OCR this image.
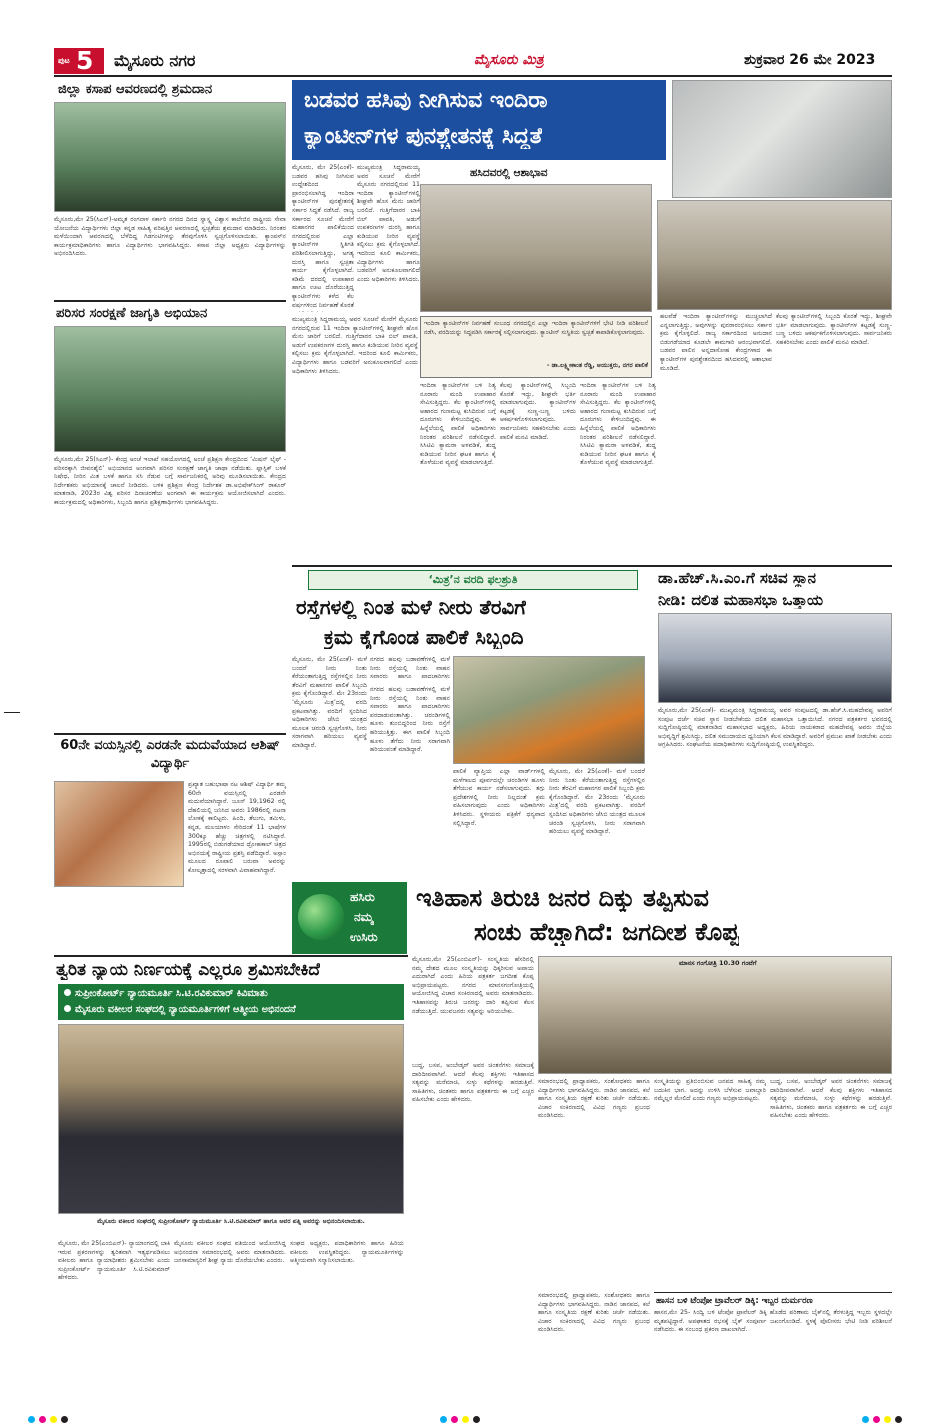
ಪುಟ 5 ಮೈಸೂರು ನಗರ	ಮೈಸೂರು ಮಿತ್ರ	ಶುಕ್ರವಾರ 26 ಮೇ 2023
ಜಿಲ್ಲಾ ಕಸಾಪ ಆವರಣದಲ್ಲಿ ಶ್ರಮದಾನ
ಮೈಸೂರು,ಮೇ 25(ಸಿಎನ್)-ಅಮೃತ ರಂಗನಾಳ ಸರ್ಕಾರಿ ನಗರದ ದಿನದ ಸ್ವಾಸ್ಥ್ಯ ವಿಶ್ವಾಸ ಕಾಲೇಜಿನ ರಾಷ್ಟ್ರೀಯ ಸೇವಾ ಯೋಜನೆಯ ವಿದ್ಯಾರ್ಥಿಗಳು ಜಿಲ್ಲಾ ಕನ್ನಡ ಸಾಹಿತ್ಯ ಪರಿಷತ್ತಿನ ಆವರಣದಲ್ಲಿ ಸ್ವಚ್ಛತೆಯ ಶ್ರಮದಾನ ಮಾಡಿದರು. ನಿರಂತರ ಮಳೆಯಿಂದಾಗಿ ಆವರಣದಲ್ಲಿ ಬೆಳೆದಿದ್ದ ಗಿಡಗಂಟಿಗಳನ್ನು ತೆರವುಗೊಳಿಸಿ ಸ್ವಚ್ಛಗೊಳಿಸಲಾಯಿತು. ಕ್ಯಾಂಪಸ್‌ನ ಕಾರ್ಯಕ್ರಮಾಧಿಕಾರಿಗಳು ಹಾಗೂ ವಿದ್ಯಾರ್ಥಿಗಳು ಭಾಗವಹಿಸಿದ್ದರು. ಕಸಾಪ ಜಿಲ್ಲಾ ಅಧ್ಯಕ್ಷರು ವಿದ್ಯಾರ್ಥಿಗಳನ್ನು ಅಭಿನಂದಿಸಿದರು.
ಪರಿಸರ ಸಂರಕ್ಷಣೆ ಜಾಗೃತಿ ಅಭಿಯಾನ
ಮೈಸೂರು,ಮೇ 25(ಸಿಎನ್)- ಕೇಂದ್ರ ಅಂಚೆ ಇಲಾಖೆ ಸಹಯೋಗದಲ್ಲಿ ಅಂಚೆ ಪ್ರಶಿಕ್ಷಣ ಕೇಂದ್ರದಿಂದ ‘ಮಿಷನ್ ಲೈಫ್ - ಪರಿಸರಕ್ಕಾಗಿ ಜೀವನಶೈಲಿ’ ಅಭಿಯಾನದ ಅಂಗವಾಗಿ ಪರಿಸರ ಸಂರಕ್ಷಣೆ ಜಾಗೃತಿ ಜಾಥಾ ನಡೆಯಿತು. ಪ್ಲಾಸ್ಟಿಕ್ ಬಳಕೆ ನಿಷೇಧ, ನೀರಿನ ಮಿತ ಬಳಕೆ ಹಾಗೂ ಸಸಿ ನೆಡುವ ಬಗ್ಗೆ ಸಾರ್ವಜನಿಕರಲ್ಲಿ ಅರಿವು ಮೂಡಿಸಲಾಯಿತು. ಕೇಂದ್ರದ ನಿರ್ದೇಶಕರು ಅಭಿಯಾನಕ್ಕೆ ಚಾಲನೆ ನೀಡಿದರು. ಬಳಿಕ ಪ್ರಶಿಕ್ಷಣ ಕೇಂದ್ರ ನಿರ್ದೇಶಕ ಡಾ.ಅಭಿಷೇಕ್‌ಸಿಂಗ್ ಠಾಕೂರ್ ಮಾತನಾಡಿ, 2023ರ ವಿಶ್ವ ಪರಿಸರ ದಿನಾಚರಣೆಯ ಅಂಗವಾಗಿ ಈ ಕಾರ್ಯಕ್ರಮ ಆಯೋಜಿಸಲಾಗಿದೆ ಎಂದರು. ಕಾರ್ಯಕ್ರಮದಲ್ಲಿ ಅಧಿಕಾರಿಗಳು, ಸಿಬ್ಬಂದಿ ಹಾಗೂ ಪ್ರಶಿಕ್ಷಣಾರ್ಥಿಗಳು ಭಾಗವಹಿಸಿದ್ದರು.
60ನೇ ವಯಸ್ಸಿನಲ್ಲಿ ಎರಡನೇ ಮದುವೆಯಾದ ಆಶಿಷ್ ವಿದ್ಯಾರ್ಥಿ
ಪ್ರಖ್ಯಾತ ಬಹುಭಾಷಾ ನಟ ಆಶಿಷ್ ವಿದ್ಯಾರ್ಥಿ ತಮ್ಮ 60ನೇ ವಯಸ್ಸಿನಲ್ಲಿ ಎರಡನೇ ಮದುವೆಯಾಗಿದ್ದಾರೆ. ಜೂನ್ 19,1962 ರಲ್ಲಿ ದೆಹಲಿಯಲ್ಲಿ ಜನಿಸಿದ ಅವರು 1986ರಲ್ಲಿ ನಟನಾ ಲೋಕಕ್ಕೆ ಕಾಲಿಟ್ಟರು. ಹಿಂದಿ, ತೆಲುಗು, ತಮಿಳು, ಕನ್ನಡ, ಮಲಯಾಳಂ ಸೇರಿದಂತೆ 11 ಭಾಷೆಗಳ 300ಕ್ಕೂ ಹೆಚ್ಚು ಚಿತ್ರಗಳಲ್ಲಿ ನಟಿಸಿದ್ದಾರೆ. 1995ರಲ್ಲಿ ಬಿಡುಗಡೆಯಾದ ದ್ರೋಹಕಾಲ್ ಚಿತ್ರದ ಅಭಿನಯಕ್ಕೆ ರಾಷ್ಟ್ರೀಯ ಪ್ರಶಸ್ತಿ ಪಡೆದಿದ್ದಾರೆ. ಅಸ್ಸಾಂ ಮೂಲದ ರೂಪಾಲಿ ಬರುವಾ ಅವರನ್ನು ಕೋಲ್ಕತ್ತಾದಲ್ಲಿ ಸರಳವಾಗಿ ವಿವಾಹವಾಗಿದ್ದಾರೆ.
ಬಡವರ ಹಸಿವು ನೀಗಿಸುವ ಇಂದಿರಾ
ಕ್ಯಾಂಟೀನ್‌ಗಳ ಪುನಶ್ಚೇತನಕ್ಕೆ ಸಿದ್ಧತೆ
ಮೈಸೂರು, ಮೇ 25(ಎಂಕೆ)- ಬಡವರ ಹಸಿವು ನೀಗಿಸುವ ಉದ್ದೇಶದಿಂದ ಪ್ರಾರಂಭಿಸಲಾಗಿದ್ದ ಇಂದಿರಾ ಕ್ಯಾಂಟೀನ್‌ಗಳ ಪುನಶ್ಚೇತನಕ್ಕೆ ಸರ್ಕಾರ ಸಿದ್ಧತೆ ನಡೆಸಿದೆ. ರಾಜ್ಯ ಸರ್ಕಾರದ ಸೂಚನೆ ಮೇರೆಗೆ ಮಹಾನಗರ ಪಾಲಿಕೆಯಿಂದ ನಗರದಲ್ಲಿರುವ ಎಲ್ಲಾ ಕ್ಯಾಂಟೀನ್‌ಗಳ ಸ್ಥಿತಿಗತಿ ಪರಿಶೀಲಿಸಲಾಗುತ್ತಿದ್ದು, ಅಗತ್ಯ ದುರಸ್ತಿ ಹಾಗೂ ಸ್ವಚ್ಛತಾ ಕಾರ್ಯ ಕೈಗೊಳ್ಳಲಾಗಿದೆ. ಕಡಿಮೆ ದರದಲ್ಲಿ ಉಪಾಹಾರ ಹಾಗೂ ಊಟ ದೊರೆಯುತ್ತಿದ್ದ ಕ್ಯಾಂಟೀನ್‌ಗಳು ಕಳೆದ ಕೆಲ ವರ್ಷಗಳಿಂದ ನಿರ್ವಹಣೆ ಕೊರತೆ
ಮುಖ್ಯಮಂತ್ರಿ ಸಿದ್ದರಾಮಯ್ಯ ಅವರ ಸೂಚನೆ ಮೇರೆಗೆ ಮೈಸೂರು ನಗರದಲ್ಲಿರುವ 11 ಇಂದಿರಾ ಕ್ಯಾಂಟೀನ್‌ಗಳಲ್ಲಿ ಶೀಘ್ರವೇ ಹೊಸ ಮೆನು ಜಾರಿಗೆ ಬರಲಿದೆ. ಗುತ್ತಿಗೆದಾರರ ಬಾಕಿ ಬಿಲ್ ಪಾವತಿ, ಅಡುಗೆ ಉಪಕರಣಗಳ ದುರಸ್ತಿ ಹಾಗೂ ಕುಡಿಯುವ ನೀರಿನ ವ್ಯವಸ್ಥೆ ಕಲ್ಪಿಸಲು ಕ್ರಮ ಕೈಗೊಳ್ಳಲಾಗಿದೆ. ಇದರಿಂದ ಕೂಲಿ ಕಾರ್ಮಿಕರು, ವಿದ್ಯಾರ್ಥಿಗಳು ಹಾಗೂ ಬಡವರಿಗೆ ಅನುಕೂಲವಾಗಲಿದೆ ಎಂದು ಅಧಿಕಾರಿಗಳು ತಿಳಿಸಿದರು.
ಹಸಿದವರಲ್ಲಿ ಆಶಾಭಾವ
ಮುಖ್ಯಮಂತ್ರಿ ಸಿದ್ದರಾಮಯ್ಯ ಅವರ ಸೂಚನೆ ಮೇರೆಗೆ ಮೈಸೂರು ನಗರದಲ್ಲಿರುವ 11 ಇಂದಿರಾ ಕ್ಯಾಂಟೀನ್‌ಗಳಲ್ಲಿ ಶೀಘ್ರವೇ ಹೊಸ ಮೆನು ಜಾರಿಗೆ ಬರಲಿದೆ. ಗುತ್ತಿಗೆದಾರರ ಬಾಕಿ ಬಿಲ್ ಪಾವತಿ, ಅಡುಗೆ ಉಪಕರಣಗಳ ದುರಸ್ತಿ ಹಾಗೂ ಕುಡಿಯುವ ನೀರಿನ ವ್ಯವಸ್ಥೆ ಕಲ್ಪಿಸಲು ಕ್ರಮ ಕೈಗೊಳ್ಳಲಾಗಿದೆ. ಇದರಿಂದ ಕೂಲಿ ಕಾರ್ಮಿಕರು, ವಿದ್ಯಾರ್ಥಿಗಳು ಹಾಗೂ ಬಡವರಿಗೆ ಅನುಕೂಲವಾಗಲಿದೆ ಎಂದು ಅಧಿಕಾರಿಗಳು ತಿಳಿಸಿದರು.
ಇಂದಿರಾ ಕ್ಯಾಂಟೀನ್‌ಗಳ ನಿರ್ವಹಣೆ ಸಂಬಂಧ ನಗರದಲ್ಲಿನ ಎಲ್ಲಾ ಇಂದಿರಾ ಕ್ಯಾಂಟೀನ್‌ಗಳಿಗೆ ಭೇಟಿ ನೀಡಿ ಪರಿಶೀಲನೆ ನಡೆಸಿ, ವರದಿಯನ್ನು ಸಿದ್ಧಪಡಿಸಿ ಸರ್ಕಾರಕ್ಕೆ ಸಲ್ಲಿಸಲಾಗುವುದು. ಕ್ಯಾಂಟೀನ್ ಸುಸ್ಥಿತಿಯ ಸ್ವಚ್ಛತೆ ಕಾಪಾಡಿಕೊಳ್ಳಲಾಗುವುದು.
- ಡಾ.ಲಕ್ಷ್ಮೀಕಾಂತ ರೆಡ್ಡಿ, ಆಯುಕ್ತರು, ನಗರ ಪಾಲಿಕೆ
ಇಂದಿರಾ ಕ್ಯಾಂಟೀನ್‌ಗಳ ಬಳಿ ನಿತ್ಯ ನೂರಾರು ಮಂದಿ ಉಪಾಹಾರ ಸೇವಿಸುತ್ತಿದ್ದರು. ಕೆಲ ಕ್ಯಾಂಟೀನ್‌ಗಳಲ್ಲಿ ಆಹಾರದ ಗುಣಮಟ್ಟ ಕುಸಿದಿರುವ ಬಗ್ಗೆ ದೂರುಗಳು ಕೇಳಿಬಂದಿದ್ದವು. ಈ ಹಿನ್ನೆಲೆಯಲ್ಲಿ ಪಾಲಿಕೆ ಅಧಿಕಾರಿಗಳು ನಿರಂತರ ಪರಿಶೀಲನೆ ನಡೆಸಲಿದ್ದಾರೆ. ಸಿಸಿಟಿವಿ ಕ್ಯಾಮರಾ ಅಳವಡಿಕೆ, ಶುದ್ಧ ಕುಡಿಯುವ ನೀರಿನ ಘಟಕ ಹಾಗೂ ಕೈ ತೊಳೆಯುವ ವ್ಯವಸ್ಥೆ ಮಾಡಲಾಗುತ್ತಿದೆ.
ಕೆಲವು ಕ್ಯಾಂಟೀನ್‌ಗಳಲ್ಲಿ ಸಿಬ್ಬಂದಿ ಕೊರತೆ ಇದ್ದು, ಶೀಘ್ರವೇ ಭರ್ತಿ ಮಾಡಲಾಗುವುದು. ಕ್ಯಾಂಟೀನ್‌ಗಳ ಕಟ್ಟಡಕ್ಕೆ ಸುಣ್ಣ-ಬಣ್ಣ ಬಳಿದು ಆಕರ್ಷಕಗೊಳಿಸಲಾಗುವುದು. ಸಾರ್ವಜನಿಕರು ಸಹಕರಿಸಬೇಕು ಎಂದು ಪಾಲಿಕೆ ಮನವಿ ಮಾಡಿದೆ.
ಇಂದಿರಾ ಕ್ಯಾಂಟೀನ್‌ಗಳ ಬಳಿ ನಿತ್ಯ ನೂರಾರು ಮಂದಿ ಉಪಾಹಾರ ಸೇವಿಸುತ್ತಿದ್ದರು. ಕೆಲ ಕ್ಯಾಂಟೀನ್‌ಗಳಲ್ಲಿ ಆಹಾರದ ಗುಣಮಟ್ಟ ಕುಸಿದಿರುವ ಬಗ್ಗೆ ದೂರುಗಳು ಕೇಳಿಬಂದಿದ್ದವು. ಈ ಹಿನ್ನೆಲೆಯಲ್ಲಿ ಪಾಲಿಕೆ ಅಧಿಕಾರಿಗಳು ನಿರಂತರ ಪರಿಶೀಲನೆ ನಡೆಸಲಿದ್ದಾರೆ. ಸಿಸಿಟಿವಿ ಕ್ಯಾಮರಾ ಅಳವಡಿಕೆ, ಶುದ್ಧ ಕುಡಿಯುವ ನೀರಿನ ಘಟಕ ಹಾಗೂ ಕೈ ತೊಳೆಯುವ ವ್ಯವಸ್ಥೆ ಮಾಡಲಾಗುತ್ತಿದೆ.
ಹಲವೆಡೆ ಇಂದಿರಾ ಕ್ಯಾಂಟೀನ್‌ಗಳನ್ನು ಮುಚ್ಚಲಾಗಿದೆ ಎನ್ನಲಾಗುತ್ತಿದ್ದು, ಅವುಗಳನ್ನು ಪುನರಾರಂಭಿಸಲು ಸರ್ಕಾರ ಕ್ರಮ ಕೈಗೊಳ್ಳಲಿದೆ. ರಾಜ್ಯ ಸರ್ಕಾರದಿಂದ ಅನುದಾನ ಬಿಡುಗಡೆಯಾದ ಕೂಡಲೇ ಕಾಮಗಾರಿ ಆರಂಭವಾಗಲಿದೆ. ಬಡವರ ಪಾಲಿನ ಅನ್ನದಾಸೋಹ ಕೇಂದ್ರಗಳಾದ ಈ ಕ್ಯಾಂಟೀನ್‌ಗಳ ಪುನಶ್ಚೇತನದಿಂದ ಹಸಿದವರಲ್ಲಿ ಆಶಾಭಾವ ಮೂಡಿದೆ.
ಕೆಲವು ಕ್ಯಾಂಟೀನ್‌ಗಳಲ್ಲಿ ಸಿಬ್ಬಂದಿ ಕೊರತೆ ಇದ್ದು, ಶೀಘ್ರವೇ ಭರ್ತಿ ಮಾಡಲಾಗುವುದು. ಕ್ಯಾಂಟೀನ್‌ಗಳ ಕಟ್ಟಡಕ್ಕೆ ಸುಣ್ಣ-ಬಣ್ಣ ಬಳಿದು ಆಕರ್ಷಕಗೊಳಿಸಲಾಗುವುದು. ಸಾರ್ವಜನಿಕರು ಸಹಕರಿಸಬೇಕು ಎಂದು ಪಾಲಿಕೆ ಮನವಿ ಮಾಡಿದೆ.
‘ಮಿತ್ರ’ನ ವರದಿ ಫಲಶ್ರುತಿ
ರಸ್ತೆಗಳಲ್ಲಿ ನಿಂತ ಮಳೆ ನೀರು ತೆರವಿಗೆ
ಕ್ರಮ ಕೈಗೊಂಡ ಪಾಲಿಕೆ ಸಿಬ್ಬಂದಿ
ಮೈಸೂರು, ಮೇ 25(ಎಂಕೆ)- ಮಳೆ ಬಂದರೆ ನೀರು ನಿಂತು ಕೆರೆಯಂತಾಗುತ್ತಿದ್ದ ರಸ್ತೆಗಳಲ್ಲಿನ ನೀರು ತೆರವಿಗೆ ಮಹಾನಗರ ಪಾಲಿಕೆ ಸಿಬ್ಬಂದಿ ಕ್ರಮ ಕೈಗೊಂಡಿದ್ದಾರೆ. ಮೇ 23ರಂದು ‘ಮೈಸೂರು ಮಿತ್ರ’ದಲ್ಲಿ ವರದಿ ಪ್ರಕಟವಾಗಿತ್ತು. ವರದಿಗೆ ಸ್ಪಂದಿಸಿದ ಅಧಿಕಾರಿಗಳು ಜೆಸಿಬಿ ಯಂತ್ರದ ಮೂಲಕ ಚರಂಡಿ ಸ್ವಚ್ಛಗೊಳಿಸಿ, ನೀರು ಸರಾಗವಾಗಿ ಹರಿಯಲು ವ್ಯವಸ್ಥೆ ಮಾಡಿದ್ದಾರೆ.
ನಗರದ ಹಲವು ಬಡಾವಣೆಗಳಲ್ಲಿ ಮಳೆ ನೀರು ರಸ್ತೆಯಲ್ಲಿ ನಿಂತು ವಾಹನ ಸವಾರರು ಹಾಗೂ ಪಾದಚಾರಿಗಳು
ನಗರದ ಹಲವು ಬಡಾವಣೆಗಳಲ್ಲಿ ಮಳೆ ನೀರು ರಸ್ತೆಯಲ್ಲಿ ನಿಂತು ವಾಹನ ಸವಾರರು ಹಾಗೂ ಪಾದಚಾರಿಗಳು ಪರದಾಡುವಂತಾಗಿತ್ತು. ಚರಂಡಿಗಳಲ್ಲಿ ಹೂಳು ತುಂಬಿದ್ದರಿಂದ ನೀರು ರಸ್ತೆಗೆ ಹರಿಯುತ್ತಿತ್ತು. ಈಗ ಪಾಲಿಕೆ ಸಿಬ್ಬಂದಿ ಹೂಳು ತೆಗೆದು ನೀರು ಸರಾಗವಾಗಿ ಹರಿಯುವಂತೆ ಮಾಡಿದ್ದಾರೆ.
ಪಾಲಿಕೆ ವ್ಯಾಪ್ತಿಯ ಎಲ್ಲಾ ವಾರ್ಡ್‌ಗಳಲ್ಲಿ ಮಳೆಗಾಲದ ಪೂರ್ವದಲ್ಲೇ ಚರಂಡಿಗಳ ಹೂಳು ತೆಗೆಯುವ ಕಾರ್ಯ ನಡೆಸಲಾಗುವುದು. ತಗ್ಗು ಪ್ರದೇಶಗಳಲ್ಲಿ ನೀರು ನಿಲ್ಲದಂತೆ ಕ್ರಮ ವಹಿಸಲಾಗುವುದು ಎಂದು ಅಧಿಕಾರಿಗಳು ತಿಳಿಸಿದರು. ಸ್ಥಳೀಯರು ಪತ್ರಿಕೆಗೆ ಧನ್ಯವಾದ ಸಲ್ಲಿಸಿದ್ದಾರೆ.
ಮೈಸೂರು, ಮೇ 25(ಎಂಕೆ)- ಮಳೆ ಬಂದರೆ ನೀರು ನಿಂತು ಕೆರೆಯಂತಾಗುತ್ತಿದ್ದ ರಸ್ತೆಗಳಲ್ಲಿನ ನೀರು ತೆರವಿಗೆ ಮಹಾನಗರ ಪಾಲಿಕೆ ಸಿಬ್ಬಂದಿ ಕ್ರಮ ಕೈಗೊಂಡಿದ್ದಾರೆ. ಮೇ 23ರಂದು ‘ಮೈಸೂರು ಮಿತ್ರ’ದಲ್ಲಿ ವರದಿ ಪ್ರಕಟವಾಗಿತ್ತು. ವರದಿಗೆ ಸ್ಪಂದಿಸಿದ ಅಧಿಕಾರಿಗಳು ಜೆಸಿಬಿ ಯಂತ್ರದ ಮೂಲಕ ಚರಂಡಿ ಸ್ವಚ್ಛಗೊಳಿಸಿ, ನೀರು ಸರಾಗವಾಗಿ ಹರಿಯಲು ವ್ಯವಸ್ಥೆ ಮಾಡಿದ್ದಾರೆ.
ಡಾ.ಹೆಚ್.ಸಿ.ಎಂ.ಗೆ ಸಚಿವ ಸ್ಥಾನ
ನೀಡಿ: ದಲಿತ ಮಹಾಸಭಾ ಒತ್ತಾಯ
ಮೈಸೂರು,ಮೇ 25(ಎಂಕೆ)- ಮುಖ್ಯಮಂತ್ರಿ ಸಿದ್ದರಾಮಯ್ಯ ಅವರ ಸಂಪುಟದಲ್ಲಿ ಡಾ.ಹೆಚ್.ಸಿ.ಮಹದೇವಪ್ಪ ಅವರಿಗೆ ಸಂಪುಟ ದರ್ಜೆ ಸಚಿವ ಸ್ಥಾನ ನೀಡಬೇಕೆಂದು ದಲಿತ ಮಹಾಸಭಾ ಒತ್ತಾಯಿಸಿದೆ. ನಗರದ ಪತ್ರಕರ್ತರ ಭವನದಲ್ಲಿ ಸುದ್ದಿಗೋಷ್ಠಿಯಲ್ಲಿ ಮಾತನಾಡಿದ ಮಹಾಸಭಾದ ಅಧ್ಯಕ್ಷರು, ಹಿರಿಯ ನಾಯಕರಾದ ಮಹದೇವಪ್ಪ ಅವರು ಜಿಲ್ಲೆಯ ಅಭಿವೃದ್ಧಿಗೆ ಶ್ರಮಿಸಿದ್ದು, ದಲಿತ ಸಮುದಾಯದ ಧ್ವನಿಯಾಗಿ ಕೆಲಸ ಮಾಡಿದ್ದಾರೆ. ಅವರಿಗೆ ಪ್ರಮುಖ ಖಾತೆ ನೀಡಬೇಕು ಎಂದು ಆಗ್ರಹಿಸಿದರು. ಸಂಘಟನೆಯ ಪದಾಧಿಕಾರಿಗಳು ಸುದ್ದಿಗೋಷ್ಠಿಯಲ್ಲಿ ಉಪಸ್ಥಿತರಿದ್ದರು.
ಹಸಿರು
ನಮ್ಮ
ಉಸಿರು
ಇತಿಹಾಸ ತಿರುಚಿ ಜನರ ದಿಕ್ಕು ತಪ್ಪಿಸುವ
ಸಂಚು ಹೆಚ್ಚಾಗಿದೆ: ಜಗದೀಶ ಕೊಪ್ಪ
ಮೈಸೂರು,ಮೇ 25(ಎಂಬಿಎನ್)- ಸಂಸ್ಕೃತಿಯ ಹೆಸರಿನಲ್ಲಿ ನಮ್ಮ ದೇಶದ ಮೂಲ ಸಂಸ್ಕೃತಿಯನ್ನು ಧಿಕ್ಕರಿಸುವ ಅಪಾಯ ಎದುರಾಗಿದೆ ಎಂದು ಹಿರಿಯ ಪತ್ರಕರ್ತ ಜಗದೀಶ ಕೊಪ್ಪ ಅಭಿಪ್ರಾಯಪಟ್ಟರು. ನಗರದ ಮಾನಸಗಂಗೋತ್ರಿಯಲ್ಲಿ ಆಯೋಜಿಸಿದ್ದ ವಿಚಾರ ಸಂಕಿರಣದಲ್ಲಿ ಅವರು ಮಾತನಾಡಿದರು. ಇತಿಹಾಸವನ್ನು ತಿರುಚಿ ಜನರನ್ನು ದಾರಿ ತಪ್ಪಿಸುವ ಕೆಲಸ ನಡೆಯುತ್ತಿದೆ. ಯುವಜನರು ಸತ್ಯವನ್ನು ಅರಿಯಬೇಕು.
ಮಾನಸ ಗಂಗೋತ್ರಿ 10.30 ಗಂಟೆಗೆ
ಬುದ್ಧ, ಬಸವ, ಅಂಬೇಡ್ಕರ್ ಅವರ ಚಿಂತನೆಗಳು ಸಮಾಜಕ್ಕೆ ದಾರಿದೀಪವಾಗಿವೆ. ಆದರೆ ಕೆಲವು ಶಕ್ತಿಗಳು ಇತಿಹಾಸದ ಸತ್ಯವನ್ನು ಮರೆಮಾಚಿ, ಸುಳ್ಳು ಕಥೆಗಳನ್ನು ಹರಡುತ್ತಿವೆ. ಸಾಹಿತಿಗಳು, ಚಿಂತಕರು ಹಾಗೂ ಪತ್ರಕರ್ತರು ಈ ಬಗ್ಗೆ ಎಚ್ಚರ ವಹಿಸಬೇಕು ಎಂದು ಹೇಳಿದರು.
ಸಮಾರಂಭದಲ್ಲಿ ಪ್ರಾಧ್ಯಾಪಕರು, ಸಂಶೋಧಕರು ಹಾಗೂ ವಿದ್ಯಾರ್ಥಿಗಳು ಭಾಗವಹಿಸಿದ್ದರು. ನಾಡಿನ ಜಾನಪದ, ಕಲೆ ಹಾಗೂ ಸಂಸ್ಕೃತಿಯ ರಕ್ಷಣೆ ಕುರಿತು ಚರ್ಚೆ ನಡೆಯಿತು. ವಿಚಾರ ಸಂಕಿರಣದಲ್ಲಿ ವಿವಿಧ ಗಣ್ಯರು ಪ್ರಬಂಧ ಮಂಡಿಸಿದರು.
ಸಂಸ್ಕೃತಿಯನ್ನು ಪ್ರತಿಬಿಂಬಿಸುವ ಜನಪದ ಸಾಹಿತ್ಯ ನಮ್ಮ ಬದುಕಿನ ಭಾಗ. ಅದನ್ನು ಉಳಿಸಿ ಬೆಳೆಸುವ ಜವಾಬ್ದಾರಿ ನಮ್ಮೆಲ್ಲರ ಮೇಲಿದೆ ಎಂದು ಗಣ್ಯರು ಅಭಿಪ್ರಾಯಪಟ್ಟರು.
ಬುದ್ಧ, ಬಸವ, ಅಂಬೇಡ್ಕರ್ ಅವರ ಚಿಂತನೆಗಳು ಸಮಾಜಕ್ಕೆ ದಾರಿದೀಪವಾಗಿವೆ. ಆದರೆ ಕೆಲವು ಶಕ್ತಿಗಳು ಇತಿಹಾಸದ ಸತ್ಯವನ್ನು ಮರೆಮಾಚಿ, ಸುಳ್ಳು ಕಥೆಗಳನ್ನು ಹರಡುತ್ತಿವೆ. ಸಾಹಿತಿಗಳು, ಚಿಂತಕರು ಹಾಗೂ ಪತ್ರಕರ್ತರು ಈ ಬಗ್ಗೆ ಎಚ್ಚರ ವಹಿಸಬೇಕು ಎಂದು ಹೇಳಿದರು.
ಹಾಸನ ಬಳಿ ಟೆಂಪೋ ಟ್ರಾವೆಲರ್ ಡಿಕ್ಕಿ: ಇಬ್ಬರ ದುರ್ಮರಣ
ಹಾಸನ,ಮೇ 25- ಸಿಂದ್ವಿ ಬಳಿ ಟೆಂಪೋ ಟ್ರಾವೆಲರ್ ಡಿಕ್ಕಿ ಹೊಡೆದ ಪರಿಣಾಮ ಬೈಕ್‌ನಲ್ಲಿ ತೆರಳುತ್ತಿದ್ದ ಇಬ್ಬರು ಸ್ಥಳದಲ್ಲೇ ಮೃತಪಟ್ಟಿದ್ದಾರೆ. ಅಪಘಾತದ ರಭಸಕ್ಕೆ ಬೈಕ್ ಸಂಪೂರ್ಣ ಜಖಂಗೊಂಡಿದೆ. ಸ್ಥಳಕ್ಕೆ ಪೊಲೀಸರು ಭೇಟಿ ನೀಡಿ ಪರಿಶೀಲನೆ ನಡೆಸಿದರು. ಈ ಸಂಬಂಧ ಪ್ರಕರಣ ದಾಖಲಾಗಿದೆ.
ಸಮಾರಂಭದಲ್ಲಿ ಪ್ರಾಧ್ಯಾಪಕರು, ಸಂಶೋಧಕರು ಹಾಗೂ ವಿದ್ಯಾರ್ಥಿಗಳು ಭಾಗವಹಿಸಿದ್ದರು. ನಾಡಿನ ಜಾನಪದ, ಕಲೆ ಹಾಗೂ ಸಂಸ್ಕೃತಿಯ ರಕ್ಷಣೆ ಕುರಿತು ಚರ್ಚೆ ನಡೆಯಿತು. ವಿಚಾರ ಸಂಕಿರಣದಲ್ಲಿ ವಿವಿಧ ಗಣ್ಯರು ಪ್ರಬಂಧ ಮಂಡಿಸಿದರು.
ತ್ವರಿತ ನ್ಯಾಯ ನಿರ್ಣಯಕ್ಕೆ ಎಲ್ಲರೂ ಶ್ರಮಿಸಬೇಕಿದೆ
ಸುಪ್ರೀಂಕೋರ್ಟ್ ನ್ಯಾಯಮೂರ್ತಿ ಸಿ.ಟಿ.ರವಿಕುಮಾರ್ ಕಿವಿಮಾತು
ಮೈಸೂರು ವಕೀಲರ ಸಂಘದಲ್ಲಿ ನ್ಯಾಯಮೂರ್ತಿಗಳಿಗೆ ಆತ್ಮೀಯ ಅಭಿನಂದನೆ
ಮೈಸೂರು ವಕೀಲರ ಸಂಘದಲ್ಲಿ ಸುಪ್ರೀಂಕೋರ್ಟ್ ನ್ಯಾಯಮೂರ್ತಿ ಸಿ.ಟಿ.ರವಿಕುಮಾರ್ ಹಾಗೂ ಅವರ ಪತ್ನಿ ಅವರನ್ನು ಅಭಿನಂದಿಸಲಾಯಿತು.
ಮೈಸೂರು, ಮೇ 25(ಎಂಬಿಎನ್)- ನ್ಯಾಯಾಂಗದಲ್ಲಿ ಬಾಕಿ ಇರುವ ಪ್ರಕರಣಗಳನ್ನು ತ್ವರಿತವಾಗಿ ಇತ್ಯರ್ಥಪಡಿಸಲು ವಕೀಲರು ಹಾಗೂ ನ್ಯಾಯಾಧೀಶರು ಶ್ರಮಿಸಬೇಕು ಎಂದು ಸುಪ್ರೀಂಕೋರ್ಟ್ ನ್ಯಾಯಮೂರ್ತಿ ಸಿ.ಟಿ.ರವಿಕುಮಾರ್ ಹೇಳಿದರು.
ಮೈಸೂರು ವಕೀಲರ ಸಂಘದ ವತಿಯಿಂದ ಆಯೋಜಿಸಿದ್ದ ಅಭಿನಂದನಾ ಸಮಾರಂಭದಲ್ಲಿ ಅವರು ಮಾತನಾಡಿದರು. ಜನಸಾಮಾನ್ಯರಿಗೆ ಶೀಘ್ರ ನ್ಯಾಯ ದೊರೆಯಬೇಕು ಎಂದರು.
ಸಂಘದ ಅಧ್ಯಕ್ಷರು, ಪದಾಧಿಕಾರಿಗಳು ಹಾಗೂ ಹಿರಿಯ ವಕೀಲರು ಉಪಸ್ಥಿತರಿದ್ದರು. ನ್ಯಾಯಮೂರ್ತಿಗಳನ್ನು ಆತ್ಮೀಯವಾಗಿ ಸನ್ಮಾನಿಸಲಾಯಿತು.
